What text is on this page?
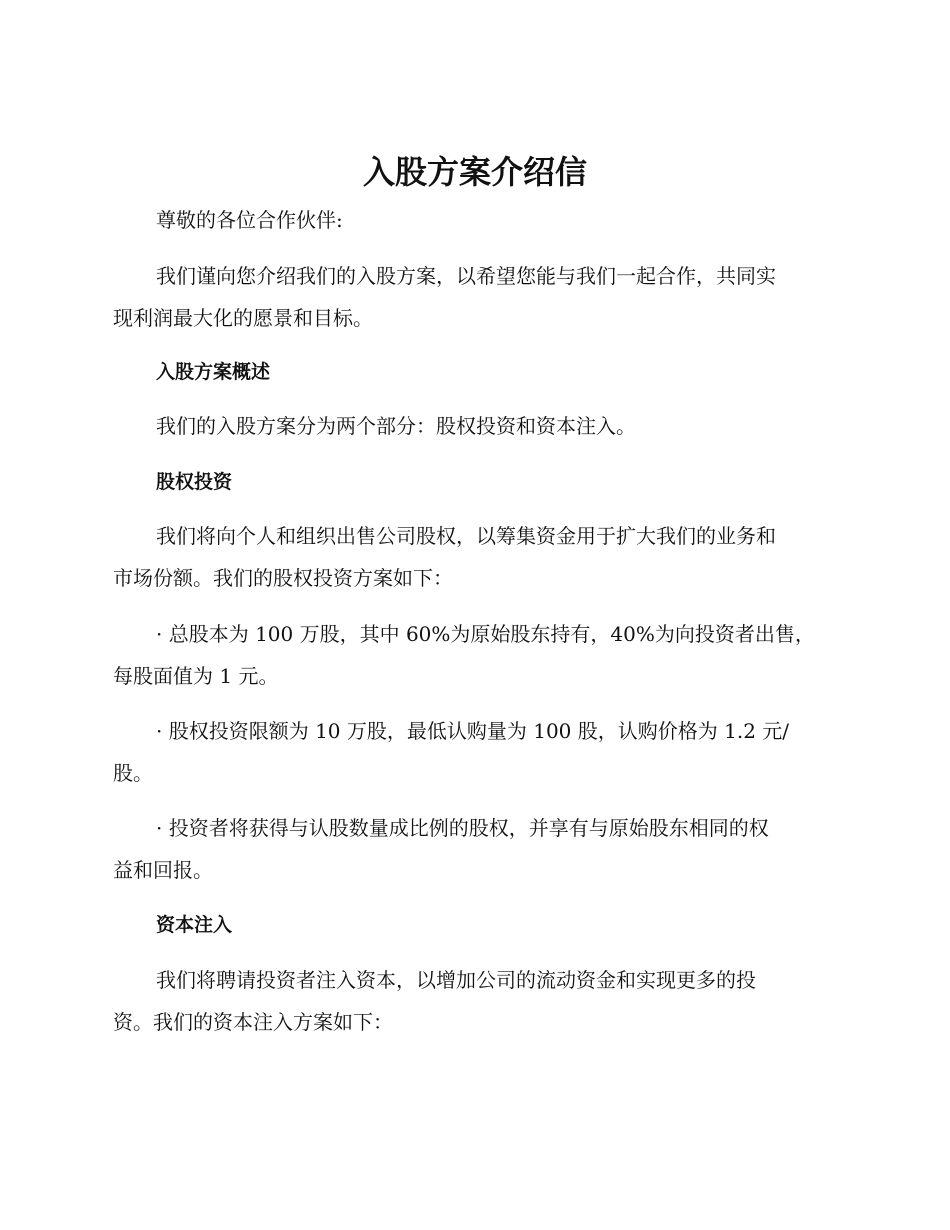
入股方案介绍信

尊敬的各位合作伙伴:

我们谨向您介绍我们的入股方案，以希望您能与我们一起合作，共同实

现利润最大化的愿景和目标。

入股方案概述

我们的入股方案分为两个部分：股权投资和资本注入。

股权投资

我们将向个人和组织出售公司股权，以筹集资金用于扩大我们的业务和

市场份额。我们的股权投资方案如下：

· 总股本为 100 万股，其中 60%为原始股东持有，40%为向投资者出售，

每股面值为 1 元。

· 股权投资限额为 10 万股，最低认购量为 100 股，认购价格为 1.2 元/

股。

· 投资者将获得与认股数量成比例的股权，并享有与原始股东相同的权

益和回报。

资本注入

我们将聘请投资者注入资本，以增加公司的流动资金和实现更多的投

资。我们的资本注入方案如下：
